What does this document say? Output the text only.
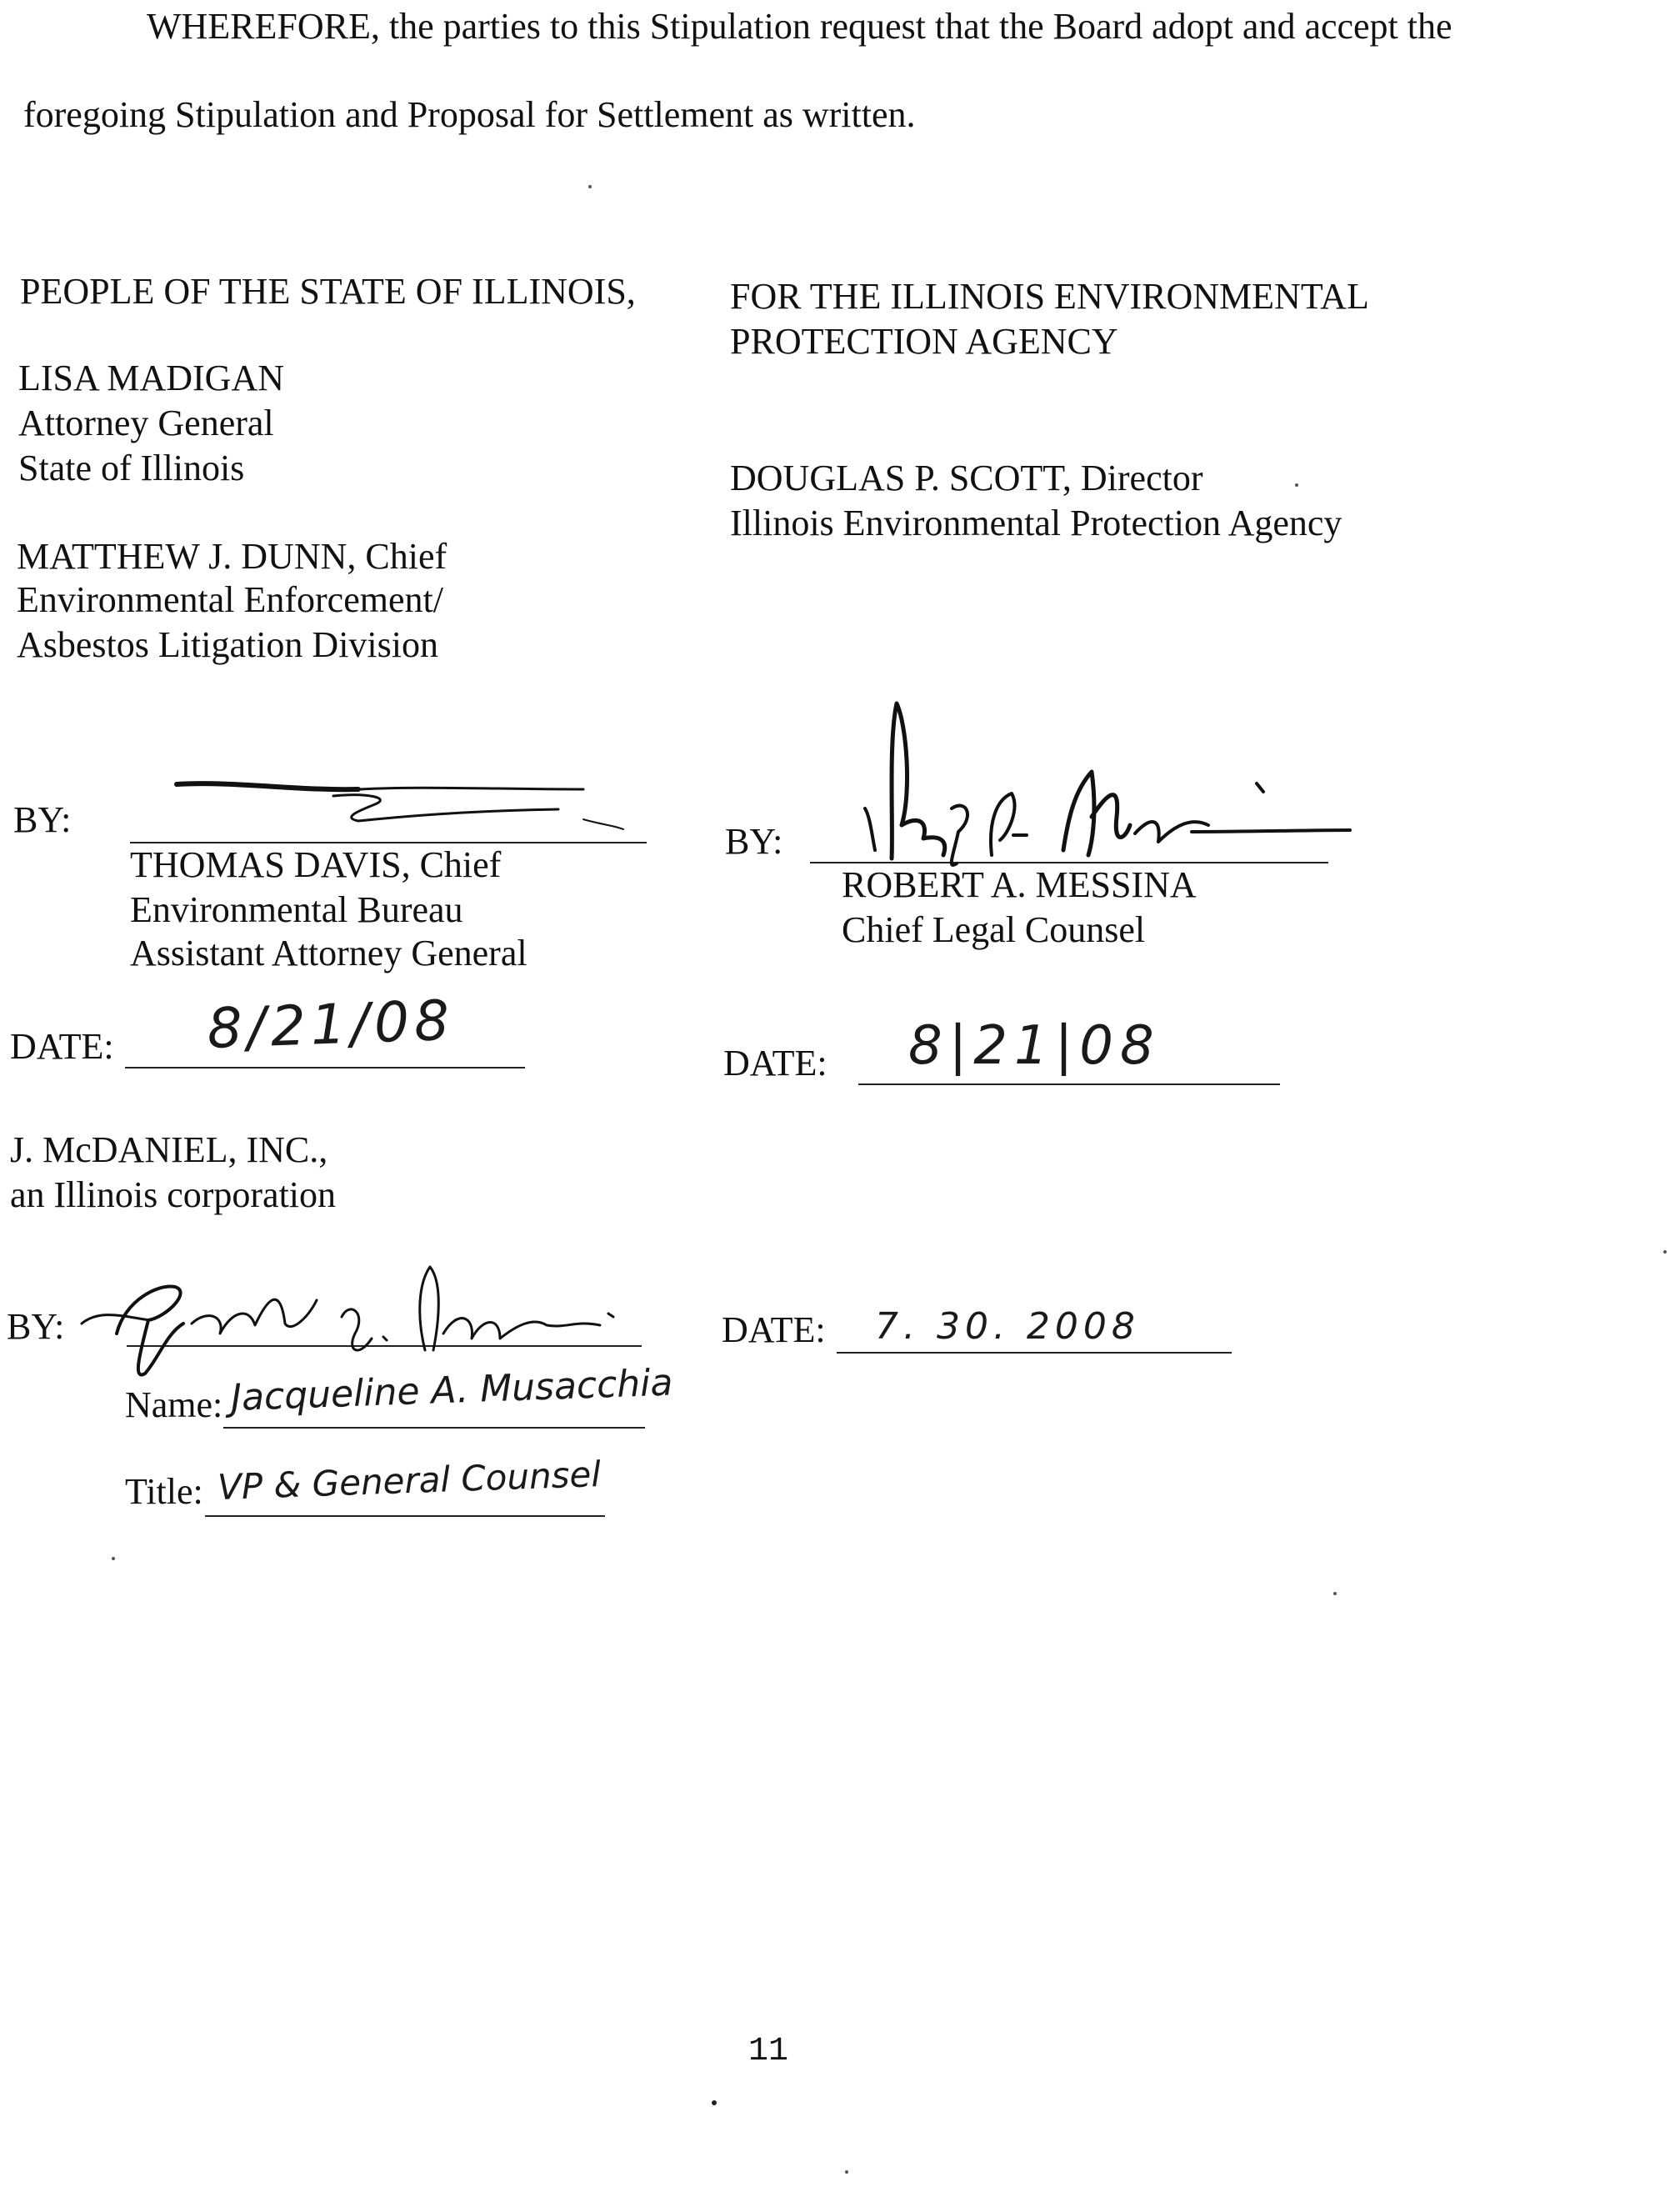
WHEREFORE, the parties to this Stipulation request that the Board adopt and accept the
foregoing Stipulation and Proposal for Settlement as written.
PEOPLE OF THE STATE OF ILLINOIS,
LISA MADIGAN
Attorney General
State of Illinois
MATTHEW J. DUNN, Chief
Environmental Enforcement/
Asbestos Litigation Division
FOR THE ILLINOIS ENVIRONMENTAL
PROTECTION AGENCY
DOUGLAS P. SCOTT, Director
Illinois Environmental Protection Agency
BY:
THOMAS DAVIS, Chief
Environmental Bureau
Assistant Attorney General
DATE: 8/21/08
BY:
ROBERT A. MESSINA
Chief Legal Counsel
DATE: 8|21|08
J. McDANIEL, INC.,
an Illinois corporation
BY:
Name: Jacqueline A. Musacchia
Title: VP & General Counsel
DATE: 7. 30. 2008
11
